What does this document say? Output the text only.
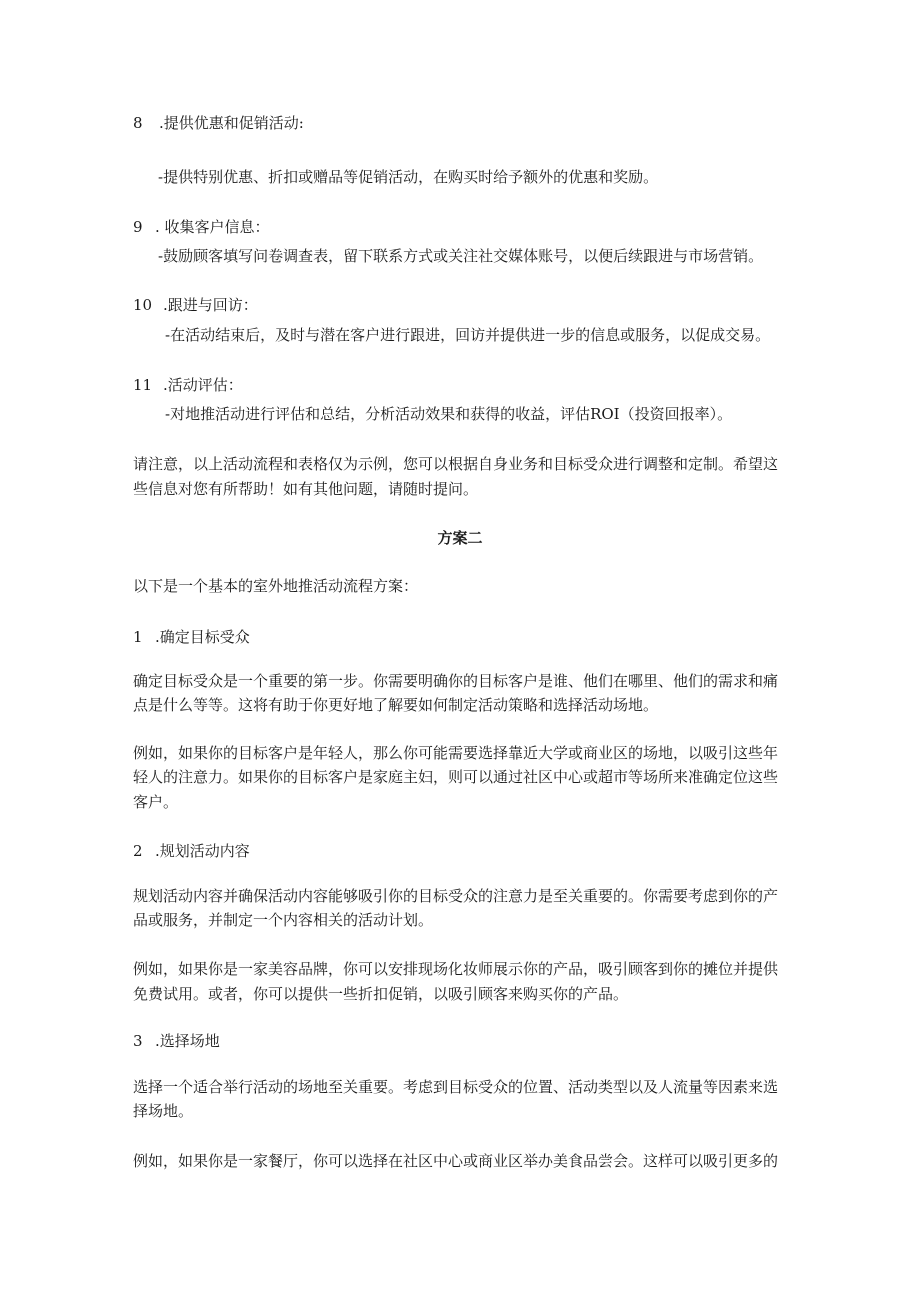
8 .提供优惠和促销活动:
-提供特别优惠、折扣或赠品等促销活动，在购买时给予额外的优惠和奖励。
9 . 收集客户信息：
-鼓励顾客填写问卷调查表，留下联系方式或关注社交媒体账号，以便后续跟进与市场营销。
10 .跟进与回访：
-在活动结束后，及时与潜在客户进行跟进，回访并提供进一步的信息或服务，以促成交易。
11 .活动评估：
-对地推活动进行评估和总结，分析活动效果和获得的收益，评估ROI（投资回报率）。
请注意，以上活动流程和表格仅为示例，您可以根据自身业务和目标受众进行调整和定制。希望这
些信息对您有所帮助！如有其他问题，请随时提问。
方案二
以下是一个基本的室外地推活动流程方案：
1 .确定目标受众
确定目标受众是一个重要的第一步。你需要明确你的目标客户是谁、他们在哪里、他们的需求和痛
点是什么等等。这将有助于你更好地了解要如何制定活动策略和选择活动场地。
例如，如果你的目标客户是年轻人，那么你可能需要选择靠近大学或商业区的场地，以吸引这些年
轻人的注意力。如果你的目标客户是家庭主妇，则可以通过社区中心或超市等场所来准确定位这些
客户。
2 .规划活动内容
规划活动内容并确保活动内容能够吸引你的目标受众的注意力是至关重要的。你需要考虑到你的产
品或服务，并制定一个内容相关的活动计划。
例如，如果你是一家美容品牌，你可以安排现场化妆师展示你的产品，吸引顾客到你的摊位并提供
免费试用。或者，你可以提供一些折扣促销，以吸引顾客来购买你的产品。
3 .选择场地
选择一个适合举行活动的场地至关重要。考虑到目标受众的位置、活动类型以及人流量等因素来选
择场地。
例如，如果你是一家餐厅，你可以选择在社区中心或商业区举办美食品尝会。这样可以吸引更多的
